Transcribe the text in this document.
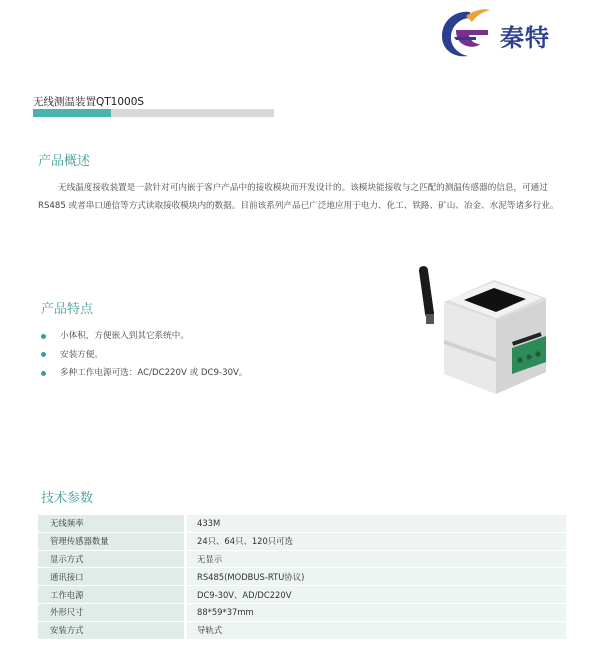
秦特
无线测温装置QT1000S
产品概述
无线温度接收装置是一款针对可内嵌于客户产品中的接收模块而开发设计的。该模块能接收与之匹配的测温传感器的信息，可通过 RS485 或者串口通信等方式读取接收模块内的数据。目前该系列产品已广泛地应用于电力、化工、铁路、矿山、冶金、水泥等诸多行业。
产品特点
小体积，方便嵌入到其它系统中。
安装方便。
多种工作电源可选：AC/DC220V 或 DC9-30V。
技术参数
无线频率	433M
管理传感器数量	24只、64只、120只可选
显示方式	无显示
通讯接口	RS485(MODBUS-RTU协议)
工作电源	DC9-30V、AD/DC220V
外形尺寸	88*59*37mm
安装方式	导轨式
